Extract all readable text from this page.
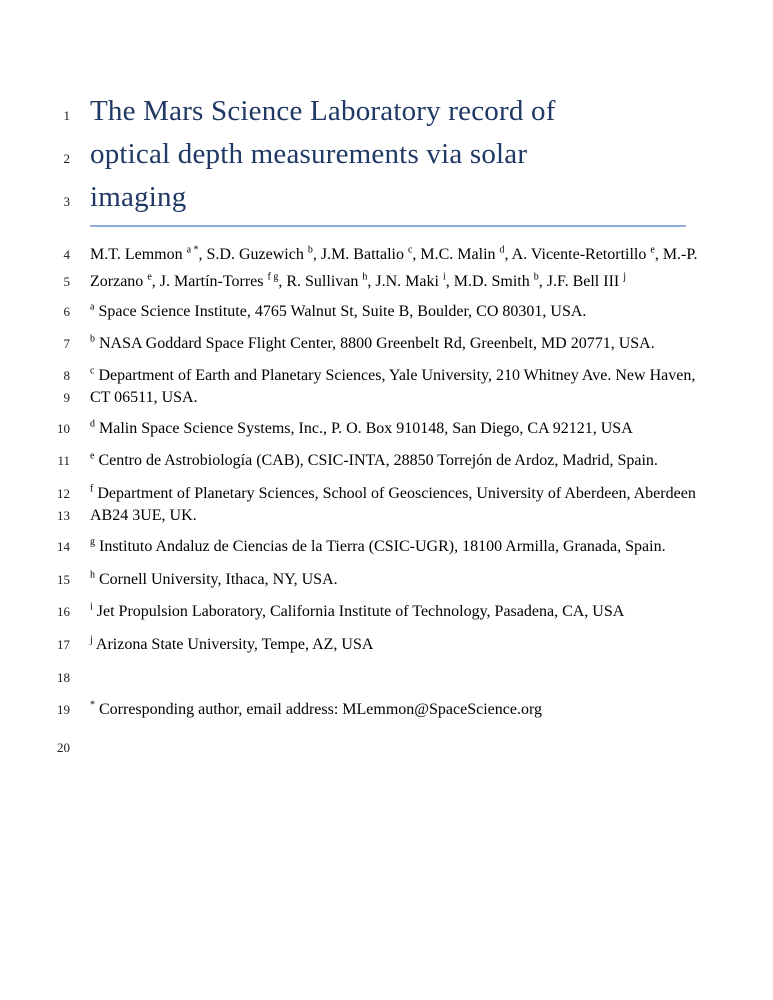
1 The Mars Science Laboratory record of
2 optical depth measurements via solar
3 imaging
4 M.T. Lemmon $^{a *}$, S.D. Guzewich $^b$, J.M. Battalio $^c$, M.C. Malin $^d$, A. Vicente-Retortillo $^e$, M.-P.
5 Zorzano $^e$, J. Martín-Torres $^{f g}$, R. Sullivan $^h$, J.N. Maki $^i$, M.D. Smith $^b$, J.F. Bell III $^j$
6 $^a$ Space Science Institute, 4765 Walnut St, Suite B, Boulder, CO 80301, USA.
7 $^b$ NASA Goddard Space Flight Center, 8800 Greenbelt Rd, Greenbelt, MD 20771, USA.
8 $^c$ Department of Earth and Planetary Sciences, Yale University, 210 Whitney Ave. New Haven,
9 CT 06511, USA.
10 $^d$ Malin Space Science Systems, Inc., P. O. Box 910148, San Diego, CA 92121, USA
11 $^e$ Centro de Astrobiología (CAB), CSIC-INTA, 28850 Torrejón de Ardoz, Madrid, Spain.
12 $^f$ Department of Planetary Sciences, School of Geosciences, University of Aberdeen, Aberdeen
13 AB24 3UE, UK.
14 $^g$ Instituto Andaluz de Ciencias de la Tierra (CSIC-UGR), 18100 Armilla, Granada, Spain.
15 $^h$ Cornell University, Ithaca, NY, USA.
16 $^i$ Jet Propulsion Laboratory, California Institute of Technology, Pasadena, CA, USA
17 $^j$ Arizona State University, Tempe, AZ, USA
18
19 * Corresponding author, email address: MLemmon@SpaceScience.org
20
